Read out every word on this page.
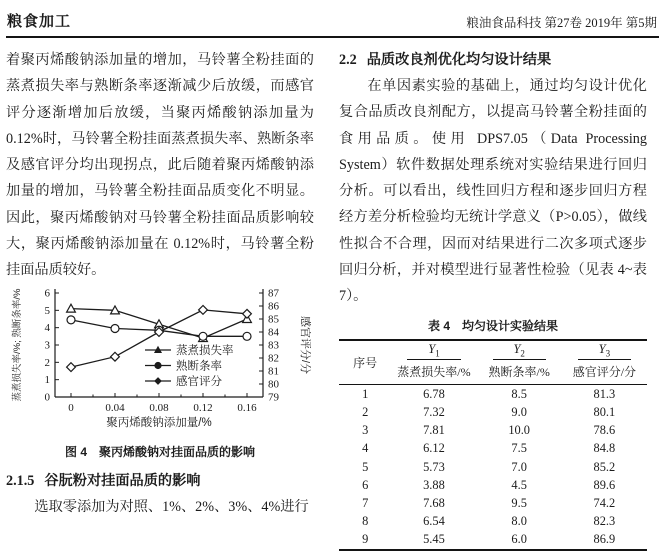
粮食加工	粮油食品科技 第27卷 2019年 第5期

着聚丙烯酸钠添加量的增加，马铃薯全粉挂面的蒸煮损失率与熟断条率逐渐减少后放缓，而感官评分逐渐增加后放缓，当聚丙烯酸钠添加量为0.12%时，马铃薯全粉挂面蒸煮损失率、熟断条率及感官评分均出现拐点，此后随着聚丙烯酸钠添加量的增加，马铃薯全粉挂面品质变化不明显。因此，聚丙烯酸钠对马铃薯全粉挂面品质影响较大，聚丙烯酸钠添加量在 0.12%时，马铃薯全粉挂面品质较好。

0
1
2
3
4
5
6
79
80
81
82
83
84
85
86
87
0	0.04 0.08 0.12 0.16
聚丙烯酸钠添加量/%
蒸煮损失率/%; 熟断条率/%	感官评分/分
蒸煮损失率
熟断条率
感官评分
图 4　聚丙烯酸钠对挂面品质的影响
2.1.5 谷朊粉对挂面品质的影响

选取零添加为对照、1%、2%、3%、4%进行

2.2 品质改良剂优化均匀设计结果

在单因素实验的基础上，通过均匀设计优化复合品质改良剂配方，以提高马铃薯全粉挂面的食用品质。使用 DPS7.05（Data Processing System）软件数据处理系统对实验结果进行回归分析。可以看出，线性回归方程和逐步回归方程经方差分析检验均无统计学意义（P>0.05），做线性拟合不合理，因而对结果进行二次多项式逐步回归分析，并对模型进行显著性检验（见表 4~表 7）。

表 4　均匀设计实验结果
序号	$Y_1$	$Y_2$	$Y_3$

	蒸煮损失率/%	熟断条率/%	感官评分/分
1	6.78	8.5	81.3
2	7.32	9.0	80.1
3	7.81	10.0	78.6
4	6.12	7.5	84.8
5	5.73	7.0	85.2
6	3.88	4.5	89.6
7	7.68	9.5	74.2
8	6.54	8.0	82.3
9	5.45	6.0	86.9
